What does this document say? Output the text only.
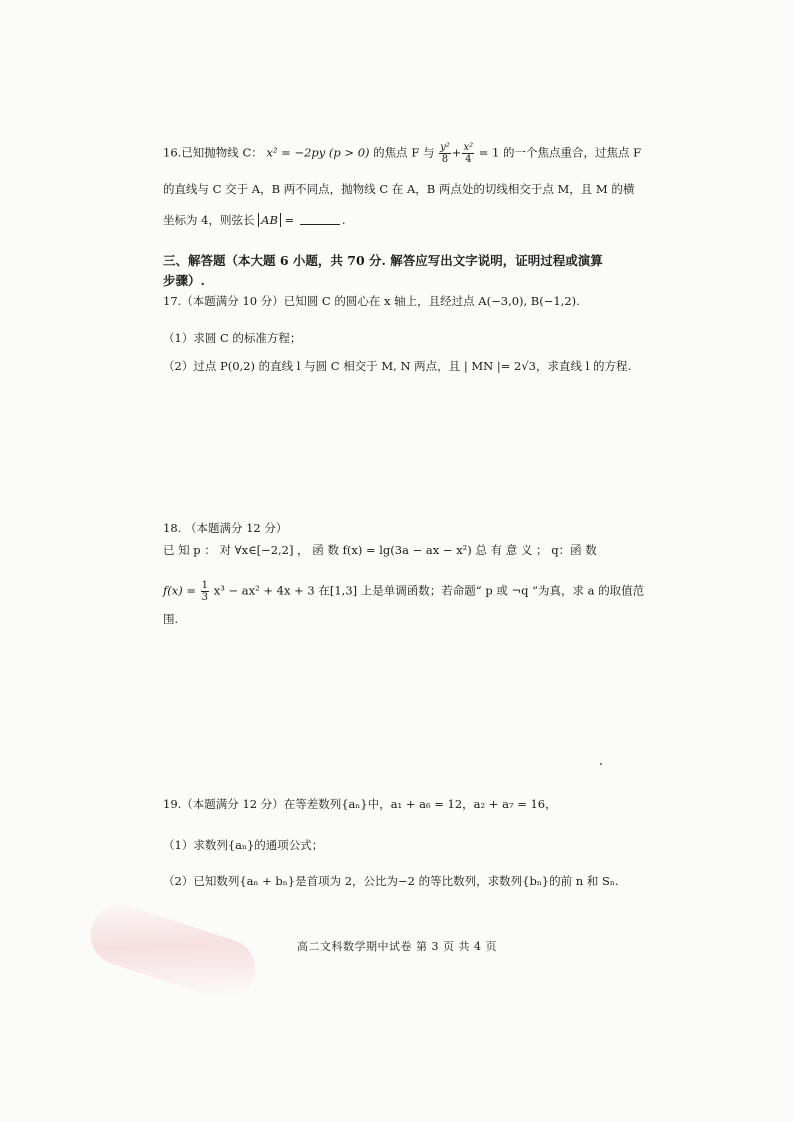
16.已知抛物线 C： x² = −2py (p > 0) 的焦点 F 与 $\frac{\text{y²}}{8} + \frac{\text{x²}}{4} = 1$ 的一个焦点重合，过焦点 F
的直线与 C 交于 A，B 两不同点，抛物线 C 在 A，B 两点处的切线相交于点 M，且 M 的横
坐标为 4，则弦长 AB =	.
三、解答题（本大题 6 小题，共 70 分. 解答应写出文字说明，证明过程或演算
步骤）.
17.（本题满分 10 分）已知圆 C 的圆心在 x 轴上，且经过点 A(−3,0), B(−1,2).
（1）求圆 C 的标准方程；
（2）过点 P(0,2) 的直线 l 与圆 C 相交于 M, N 两点，且 | MN |= 2√3，求直线 l 的方程.
18. （本题满分 12 分）
已 知 p ： 对 ∀x∈[−2,2] ， 函 数 f(x) = lg(3a − ax − x²) 总 有 意 义 ； q：函 数
$f(x) = \frac{1}{3} x^3 - ax^2 + 4x + 3$ 在[1,3] 上是单调函数；若命题“ p 或 ¬q ”为真，求 a 的取值范
围.
19.（本题满分 12 分）在等差数列{aₙ}中，a₁ + a₆ = 12，a₂ + a₇ = 16，
（1）求数列{aₙ}的通项公式；
（2）已知数列{aₙ + bₙ}是首项为 2，公比为−2 的等比数列，求数列{bₙ}的前 n 和 Sₙ.
高二文科数学期中试卷 第 3 页 共 4 页
